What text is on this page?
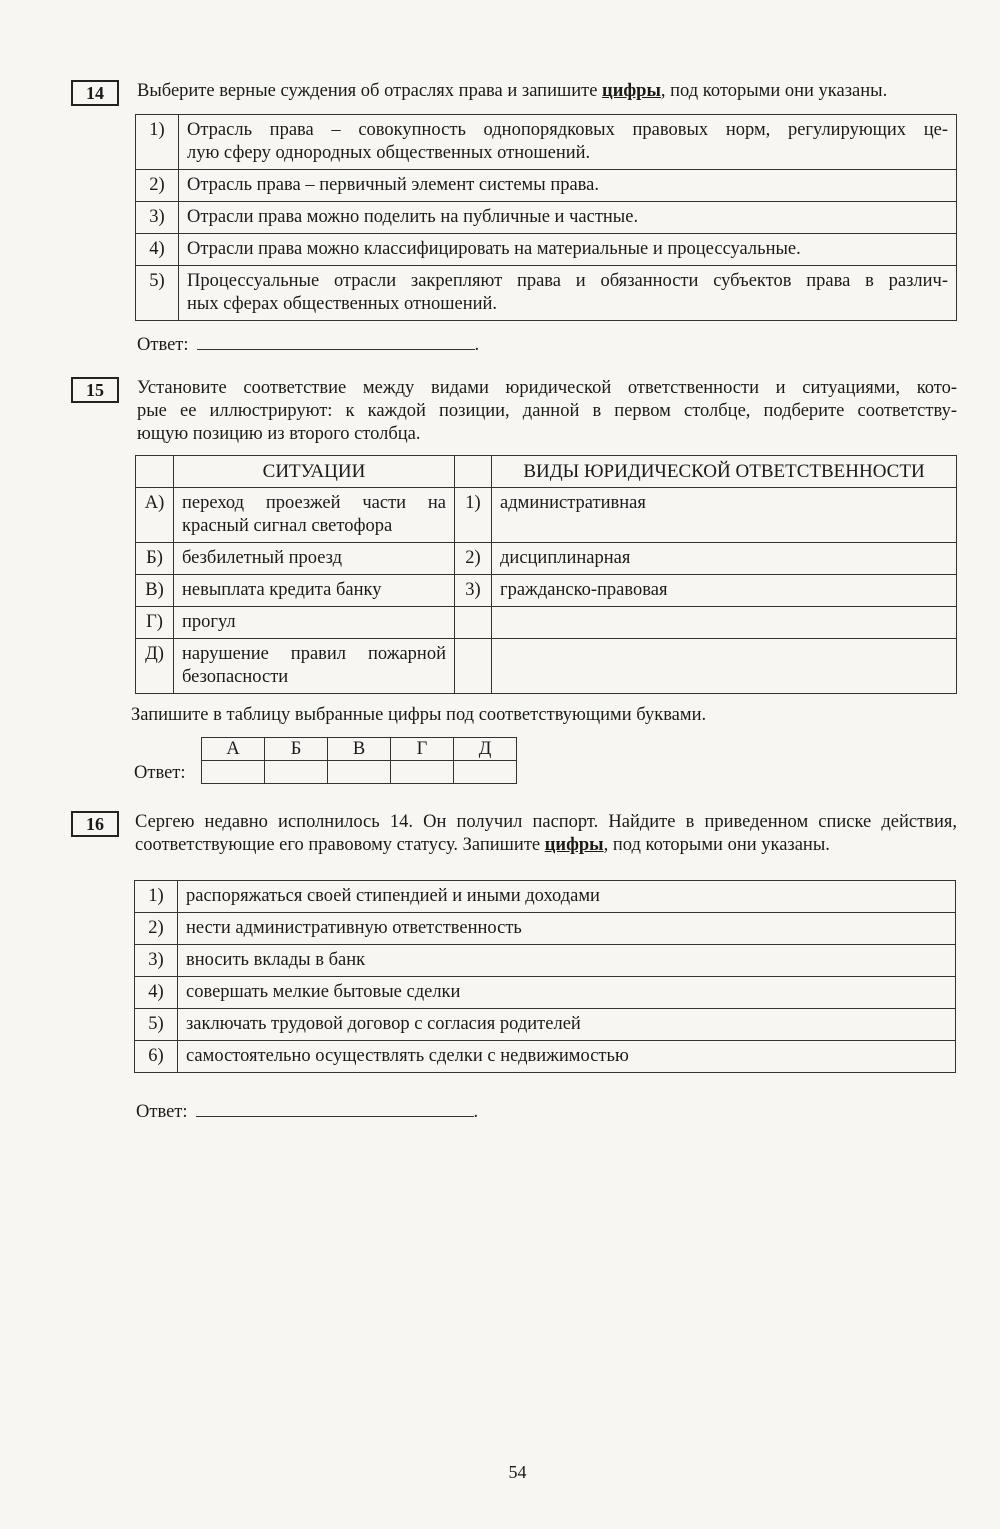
14	Выберите верные суждения об отраслях права и запишите цифры, под которыми они указаны.
1)	Отрасль права – совокупность однопорядковых правовых норм, регулирующих це-
лую сферу однородных общественных отношений.

2)	Отрасль права – первичный элемент системы права.
3)	Отрасли права можно поделить на публичные и частные.
4)	Отрасли права можно классифицировать на материальные и процессуальные.
5)	Процессуальные отрасли закрепляют права и обязанности субъектов права в различ-
ных сферах общественных отношений.
Ответ:	.
15	Установите соответствие между видами юридической ответственности и ситуациями, кото-
рые ее иллюстрируют: к каждой позиции, данной в первом столбце, подберите соответству-
ющую позицию из второго столбца.
	СИТУАЦИИ		ВИДЫ ЮРИДИЧЕСКОЙ ОТВЕТСТВЕННОСТИ
А)	переход проезжей части на
красный сигнал светофора	1)	административная
Б)	безбилетный проезд	2)	дисциплинарная
В)	невыплата кредита банку	3)	гражданско-правовая
Г)	прогул		
Д)	нарушение правил пожарной
безопасности		

Запишите в таблицу выбранные цифры под соответствующими буквами.
Ответ:
А	Б	В	Г	Д

16	Сергею недавно исполнилось 14. Он получил паспорт. Найдите в приведенном списке действия,
соответствующие его правовому статусу. Запишите цифры, под которыми они указаны.
1)	распоряжаться своей стипендией и иными доходами
2)	нести административную ответственность
3)	вносить вклады в банк
4)	совершать мелкие бытовые сделки
5)	заключать трудовой договор с согласия родителей
6)	самостоятельно осуществлять сделки с недвижимостью
Ответ:	.
54
